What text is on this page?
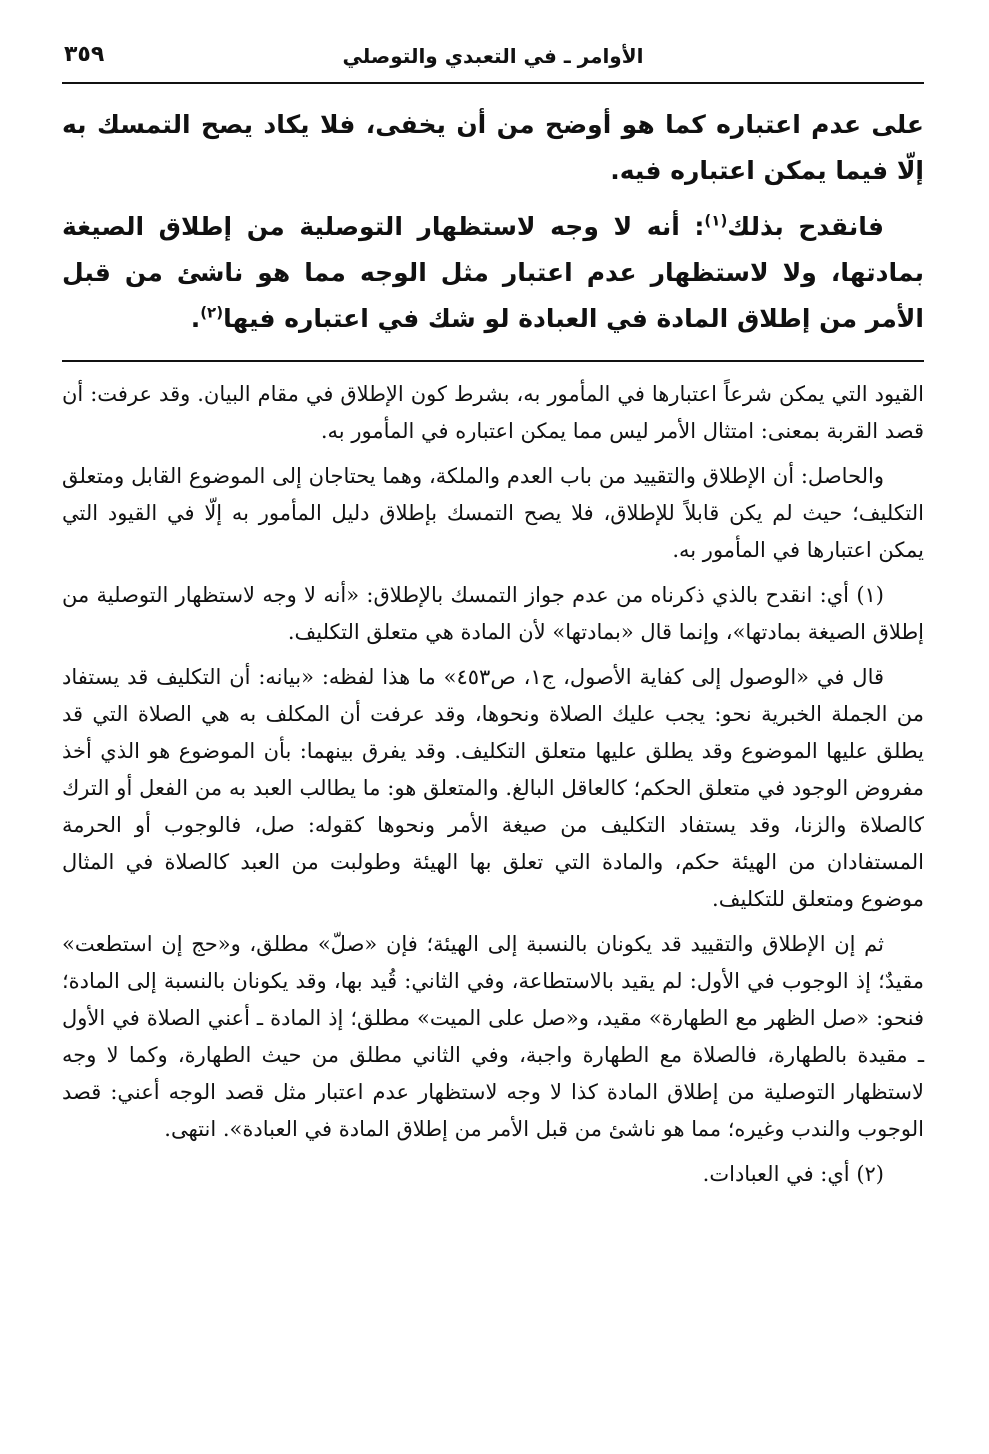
الأوامر ـ في التعبدي والتوصلي
٣٥٩

على عدم اعتباره كما هو أوضح من أن يخفى، فلا يكاد يصح التمسك به إلّا فيما يمكن اعتباره فيه.

فانقدح بذلك$^{(١)}$: أنه لا وجه لاستظهار التوصلية من إطلاق الصيغة بمادتها، ولا لاستظهار عدم اعتبار مثل الوجه مما هو ناشئ من قبل الأمر من إطلاق المادة في العبادة لو شك في اعتباره فيها$^{(٢)}$.

القيود التي يمكن شرعاً اعتبارها في المأمور به، بشرط كون الإطلاق في مقام البيان. وقد عرفت: أن قصد القربة بمعنى: امتثال الأمر ليس مما يمكن اعتباره في المأمور به.

والحاصل: أن الإطلاق والتقييد من باب العدم والملكة، وهما يحتاجان إلى الموضوع القابل ومتعلق التكليف؛ حيث لم يكن قابلاً للإطلاق، فلا يصح التمسك بإطلاق دليل المأمور به إلّا في القيود التي يمكن اعتبارها في المأمور به.

(١) أي: انقدح بالذي ذكرناه من عدم جواز التمسك بالإطلاق: «أنه لا وجه لاستظهار التوصلية من إطلاق الصيغة بمادتها»، وإنما قال «بمادتها» لأن المادة هي متعلق التكليف.

قال في «الوصول إلى كفاية الأصول، ج١، ص٤٥٣» ما هذا لفظه: «بيانه: أن التكليف قد يستفاد من الجملة الخبرية نحو: يجب عليك الصلاة ونحوها، وقد عرفت أن المكلف به هي الصلاة التي قد يطلق عليها الموضوع وقد يطلق عليها متعلق التكليف. وقد يفرق بينهما: بأن الموضوع هو الذي أخذ مفروض الوجود في متعلق الحكم؛ كالعاقل البالغ. والمتعلق هو: ما يطالب العبد به من الفعل أو الترك كالصلاة والزنا، وقد يستفاد التكليف من صيغة الأمر ونحوها كقوله: صل، فالوجوب أو الحرمة المستفادان من الهيئة حكم، والمادة التي تعلق بها الهيئة وطولبت من العبد كالصلاة في المثال موضوع ومتعلق للتكليف.

ثم إن الإطلاق والتقييد قد يكونان بالنسبة إلى الهيئة؛ فإن «صلّ» مطلق، و«حج إن استطعت» مقيدٌ؛ إذ الوجوب في الأول: لم يقيد بالاستطاعة، وفي الثاني: قُيد بها، وقد يكونان بالنسبة إلى المادة؛ فنحو: «صل الظهر مع الطهارة» مقيد، و«صل على الميت» مطلق؛ إذ المادة ـ أعني الصلاة في الأول ـ مقيدة بالطهارة، فالصلاة مع الطهارة واجبة، وفي الثاني مطلق من حيث الطهارة، وكما لا وجه لاستظهار التوصلية من إطلاق المادة كذا لا وجه لاستظهار عدم اعتبار مثل قصد الوجه أعني: قصد الوجوب والندب وغيره؛ مما هو ناشئ من قبل الأمر من إطلاق المادة في العبادة». انتهى.

(٢) أي: في العبادات.
